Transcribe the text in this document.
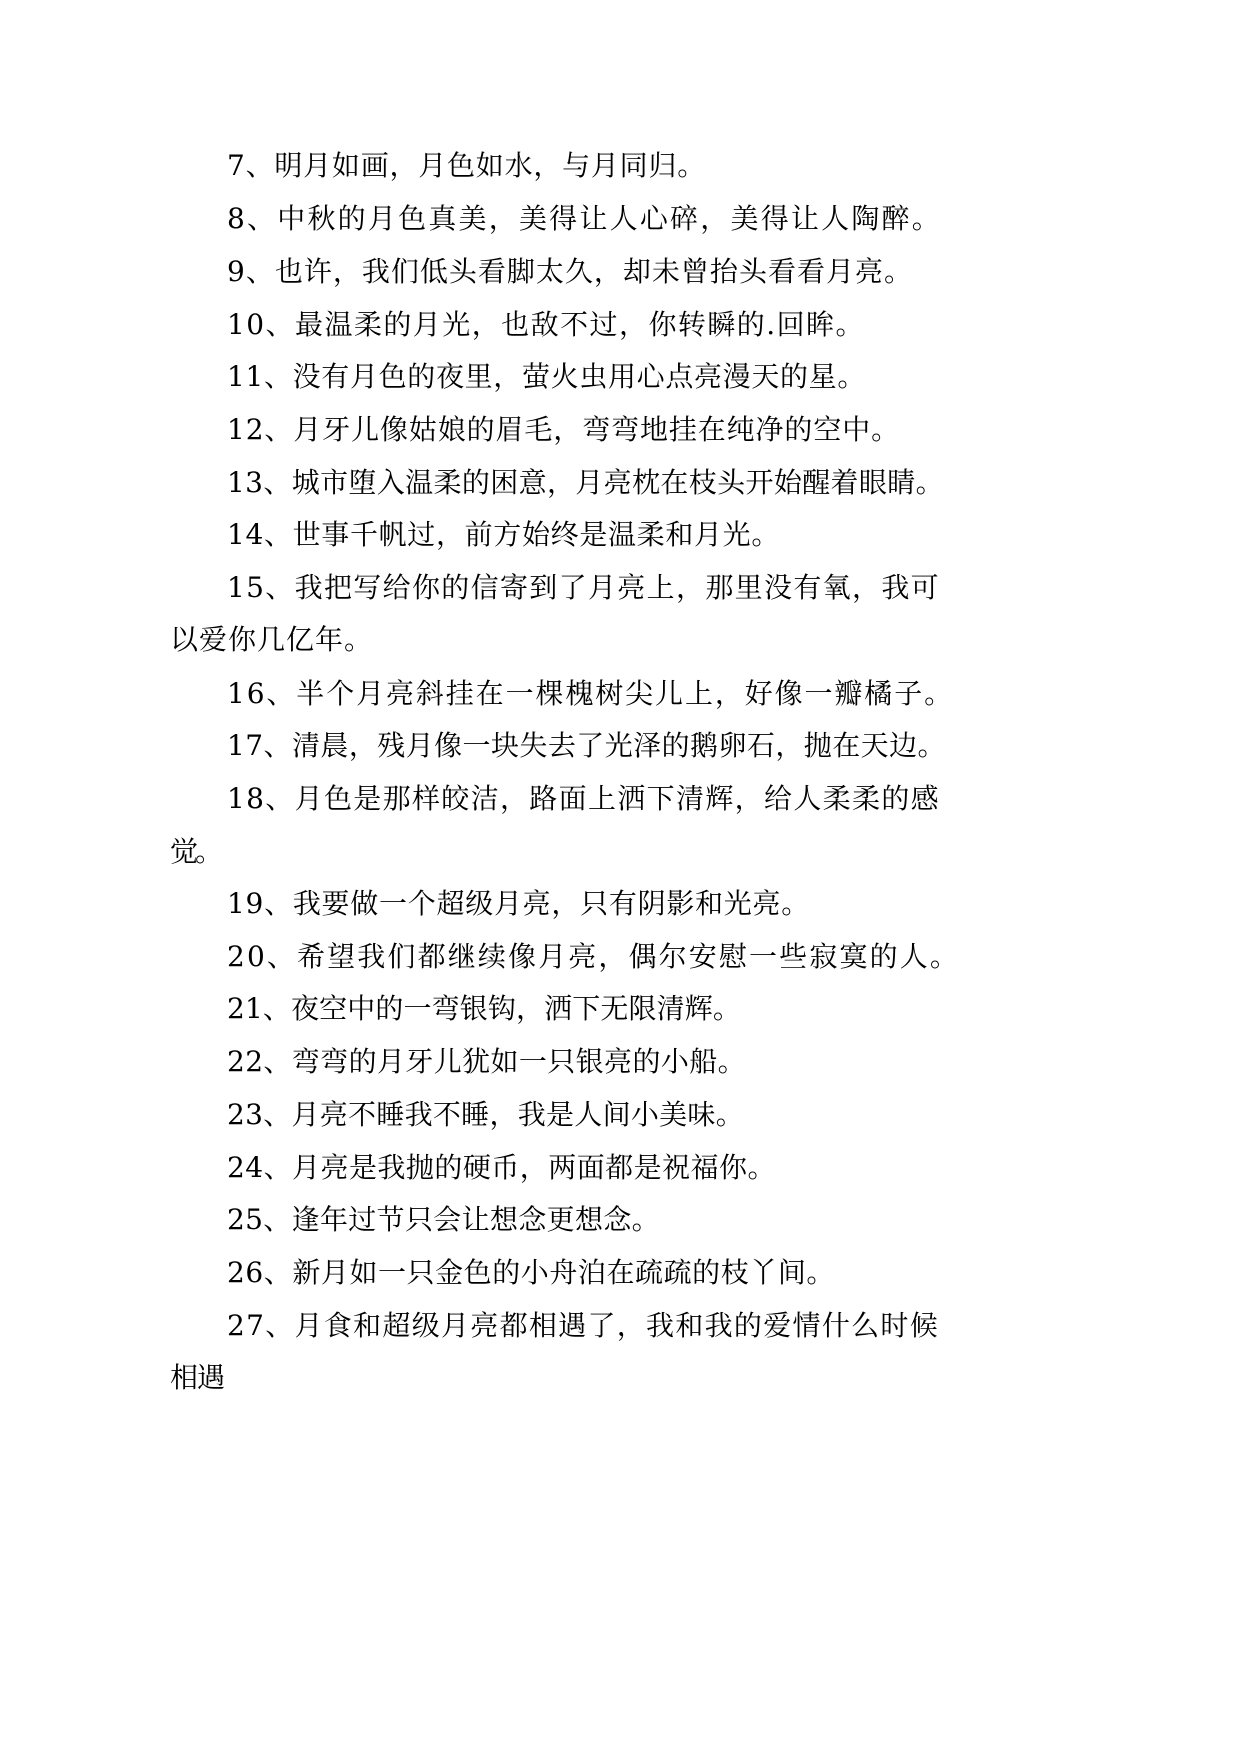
7、明月如画，月色如水，与月同归。
8、中秋的月色真美，美得让人心碎，美得让人陶醉。
9、也许，我们低头看脚太久，却未曾抬头看看月亮。
10、最温柔的月光，也敌不过，你转瞬的.回眸。
11、没有月色的夜里，萤火虫用心点亮漫天的星。
12、月牙儿像姑娘的眉毛，弯弯地挂在纯净的空中。
13、城市堕入温柔的困意，月亮枕在枝头开始醒着眼睛。
14、世事千帆过，前方始终是温柔和月光。
15、我把写给你的信寄到了月亮上，那里没有氧，我可
以爱你几亿年。
16、半个月亮斜挂在一棵槐树尖儿上，好像一瓣橘子。
17、清晨，残月像一块失去了光泽的鹅卵石，抛在天边。
18、月色是那样皎洁，路面上洒下清辉，给人柔柔的感
觉。
19、我要做一个超级月亮，只有阴影和光亮。
20、希望我们都继续像月亮，偶尔安慰一些寂寞的人。
21、夜空中的一弯银钩，洒下无限清辉。
22、弯弯的月牙儿犹如一只银亮的小船。
23、月亮不睡我不睡，我是人间小美味。
24、月亮是我抛的硬币，两面都是祝福你。
25、逢年过节只会让想念更想念。
26、新月如一只金色的小舟泊在疏疏的枝丫间。
27、月食和超级月亮都相遇了，我和我的爱情什么时候
相遇
